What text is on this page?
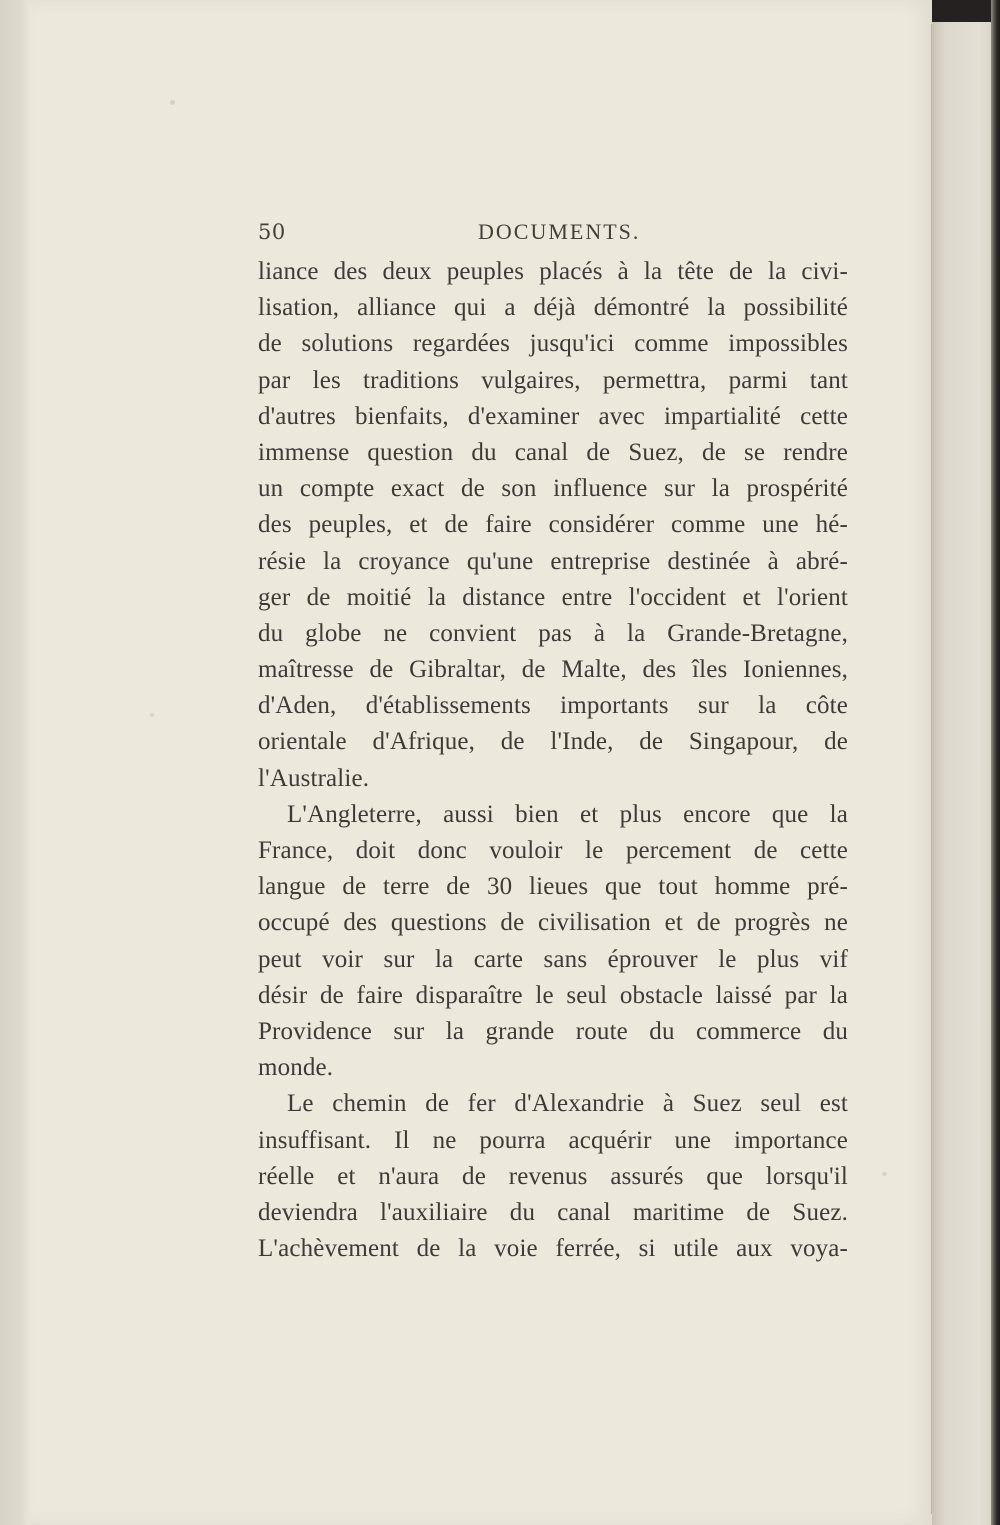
50	DOCUMENTS.
liance des deux peuples placés à la tête de la civi-
lisation, alliance qui a déjà démontré la possibilité
de solutions regardées jusqu'ici comme impossibles
par les traditions vulgaires, permettra, parmi tant
d'autres bienfaits, d'examiner avec impartialité cette
immense question du canal de Suez, de se rendre
un compte exact de son influence sur la prospérité
des peuples, et de faire considérer comme une hé-
résie la croyance qu'une entreprise destinée à abré-
ger de moitié la distance entre l'occident et l'orient
du globe ne convient pas à la Grande-Bretagne,
maîtresse de Gibraltar, de Malte, des îles Ioniennes,
d'Aden, d'établissements importants sur la côte
orientale d'Afrique, de l'Inde, de Singapour, de
l'Australie.
L'Angleterre, aussi bien et plus encore que la
France, doit donc vouloir le percement de cette
langue de terre de 30 lieues que tout homme pré-
occupé des questions de civilisation et de progrès ne
peut voir sur la carte sans éprouver le plus vif
désir de faire disparaître le seul obstacle laissé par la
Providence sur la grande route du commerce du
monde.
Le chemin de fer d'Alexandrie à Suez seul est
insuffisant. Il ne pourra acquérir une importance
réelle et n'aura de revenus assurés que lorsqu'il
deviendra l'auxiliaire du canal maritime de Suez.
L'achèvement de la voie ferrée, si utile aux voya-
